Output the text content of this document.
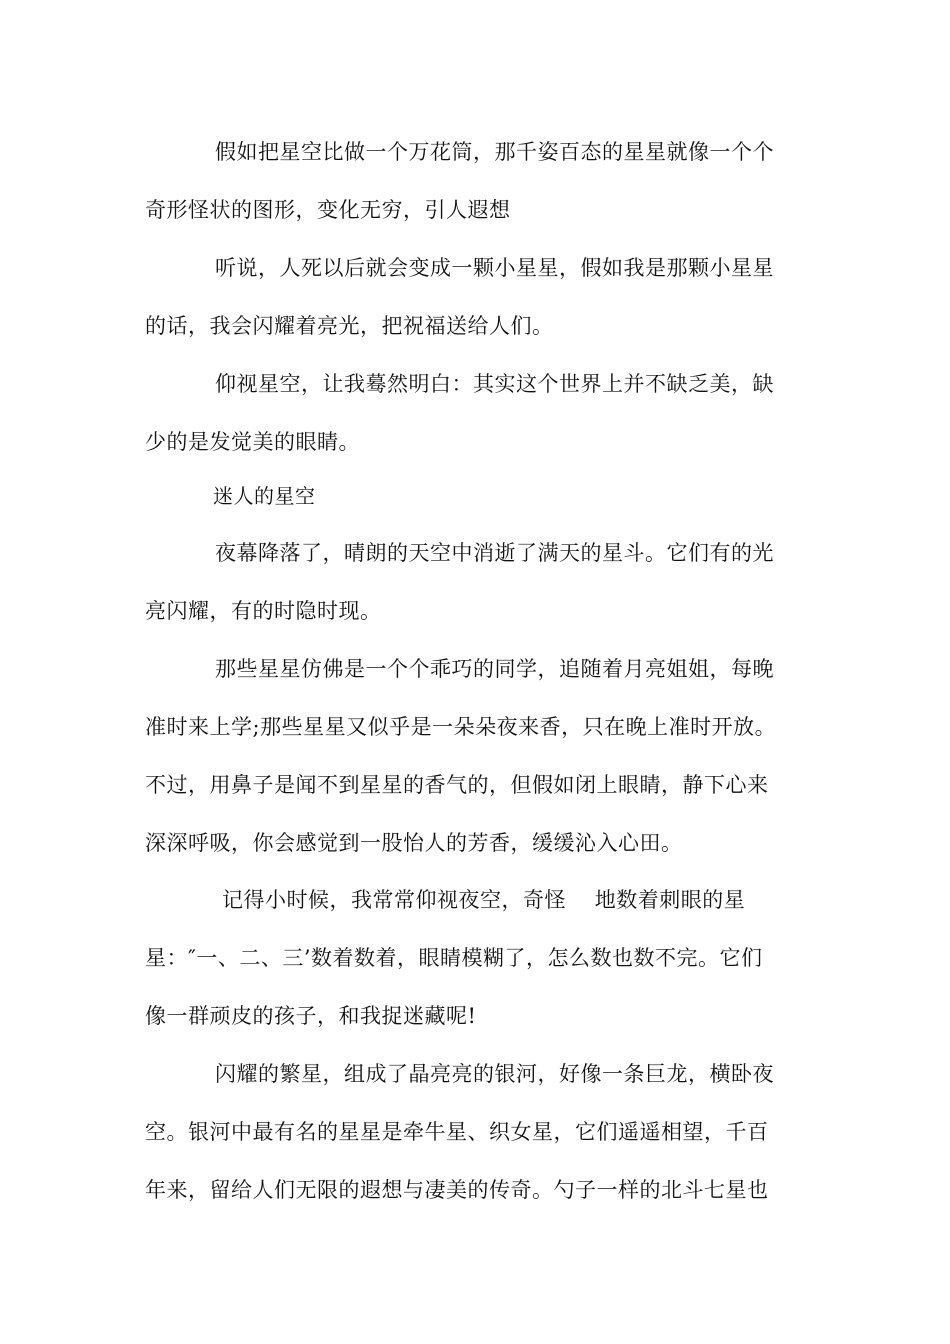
假如把星空比做一个万花筒，那千姿百态的星星就像一个个
奇形怪状的图形，变化无穷，引人遐想
听说，人死以后就会变成一颗小星星，假如我是那颗小星星
的话，我会闪耀着亮光，把祝福送给人们。
仰视星空，让我蓦然明白：其实这个世界上并不缺乏美，缺
少的是发觉美的眼睛。
迷人的星空
夜幕降落了，晴朗的天空中消逝了满天的星斗。它们有的光
亮闪耀，有的时隐时现。
那些星星仿佛是一个个乖巧的同学，追随着月亮姐姐，每晚
准时来上学;那些星星又似乎是一朵朵夜来香，只在晚上准时开放。
不过，用鼻子是闻不到星星的香气的，但假如闭上眼睛，静下心来
深深呼吸，你会感觉到一股怡人的芳香，缓缓沁入心田。
记得小时候，我常常仰视夜空，奇怪    地数着刺眼的星
星：″一、二、三’数着数着，眼睛模糊了，怎么数也数不完。它们
像一群顽皮的孩子，和我捉迷藏呢!
闪耀的繁星，组成了晶亮亮的银河，好像一条巨龙，横卧夜
空。银河中最有名的星星是牵牛星、织女星，它们遥遥相望，千百
年来，留给人们无限的遐想与凄美的传奇。勺子一样的北斗七星也
